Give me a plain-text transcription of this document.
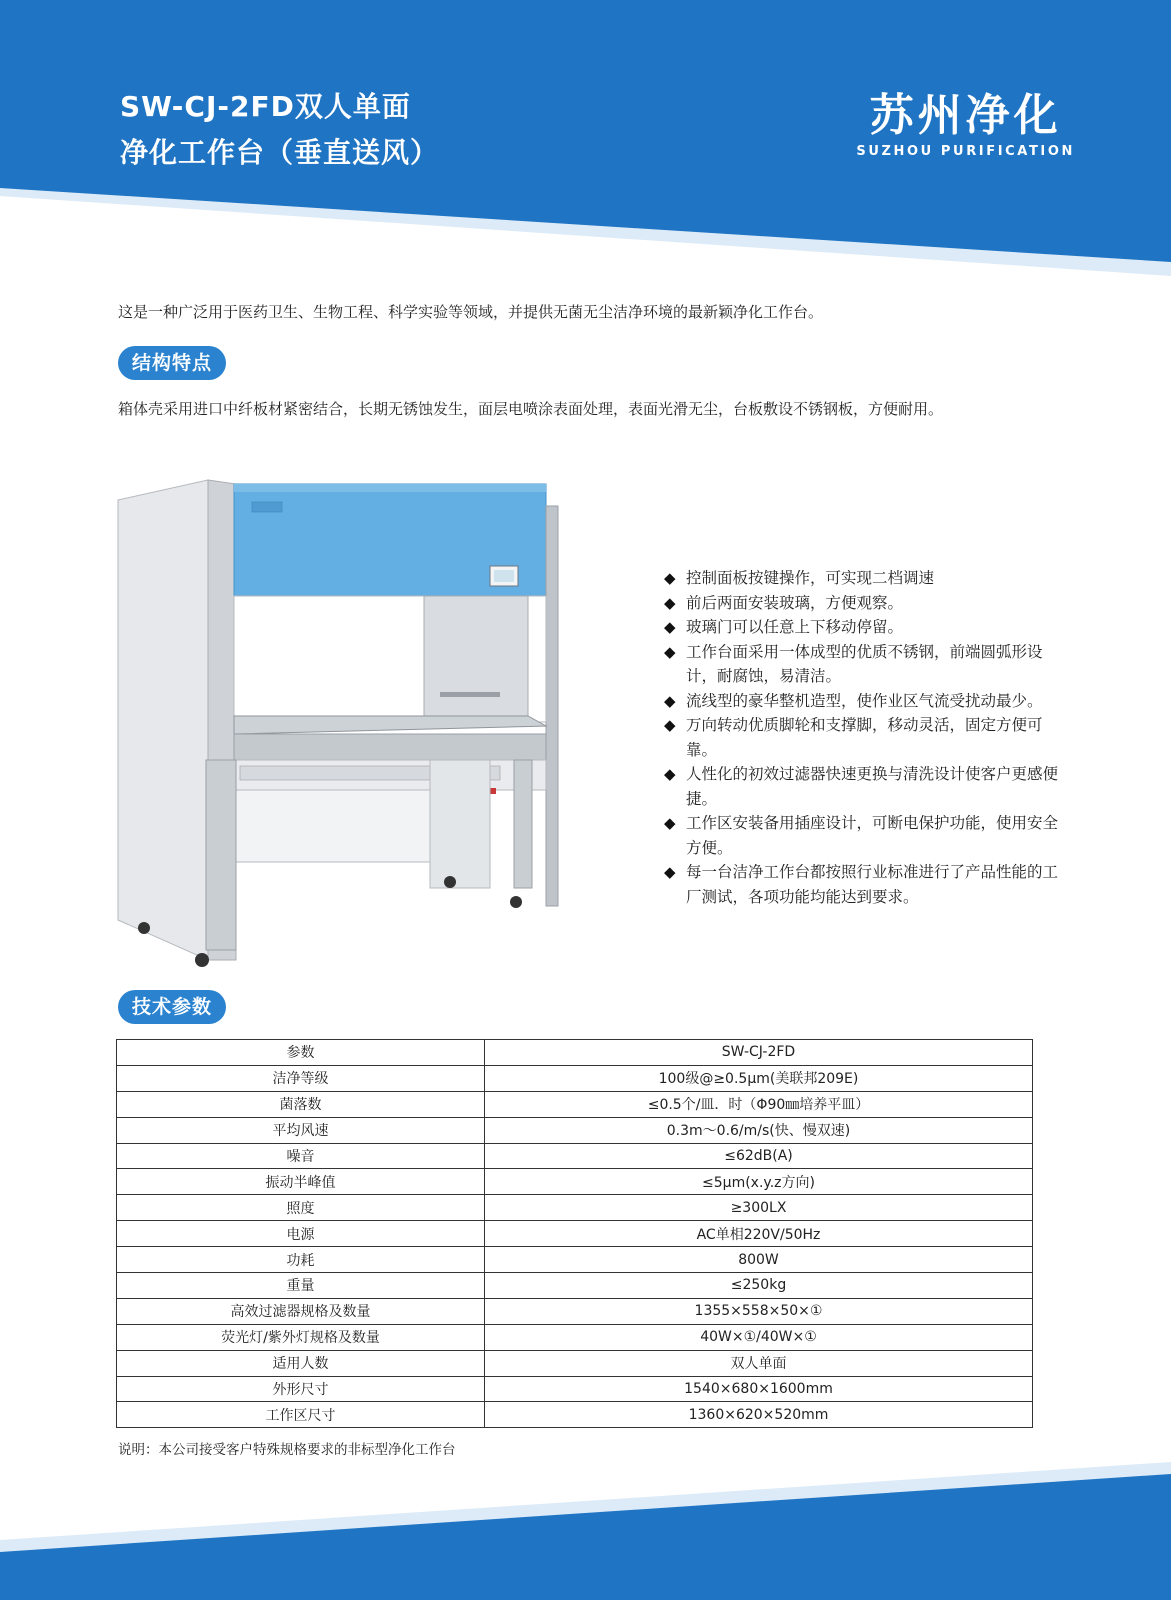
SW-CJ-2FD双人单面
净化工作台（垂直送风）
苏州净化
SUZHOU PURIFICATION

这是一种广泛用于医药卫生、生物工程、科学实验等领域，并提供无菌无尘洁净环境的最新颖净化工作台。

结构特点

箱体壳采用进口中纤板材紧密结合，长期无锈蚀发生，面层电喷涂表面处理，表面光滑无尘，台板敷设不锈钢板，方便耐用。

◆ 控制面板按键操作，可实现二档调速
◆ 前后两面安装玻璃，方便观察。
◆ 玻璃门可以任意上下移动停留。
◆ 工作台面采用一体成型的优质不锈钢，前端圆弧形设计，耐腐蚀，易清洁。
◆ 流线型的豪华整机造型，使作业区气流受扰动最少。
◆ 万向转动优质脚轮和支撑脚，移动灵活，固定方便可靠。
◆ 人性化的初效过滤器快速更换与清洗设计使客户更感便捷。
◆ 工作区安装备用插座设计，可断电保护功能，使用安全方便。
◆ 每一台洁净工作台都按照行业标准进行了产品性能的工厂测试，各项功能均能达到要求。
技术参数
参数	SW-CJ-2FD
洁净等级	100级@≥0.5μm(美联邦209E)
菌落数	≤0.5个/皿．时（Φ90㎜培养平皿）
平均风速	0.3m～0.6/m/s(快、慢双速)
噪音	≤62dB(A)
振动半峰值	≤5μm(x.y.z方向)
照度	≥300LX
电源	AC单相220V/50Hz
功耗	800W
重量	≤250kg
高效过滤器规格及数量	1355×558×50×①
荧光灯/紫外灯规格及数量	40W×①/40W×①
适用人数	双人单面
外形尺寸	1540×680×1600mm
工作区尺寸	1360×620×520mm

说明：本公司接受客户特殊规格要求的非标型净化工作台
